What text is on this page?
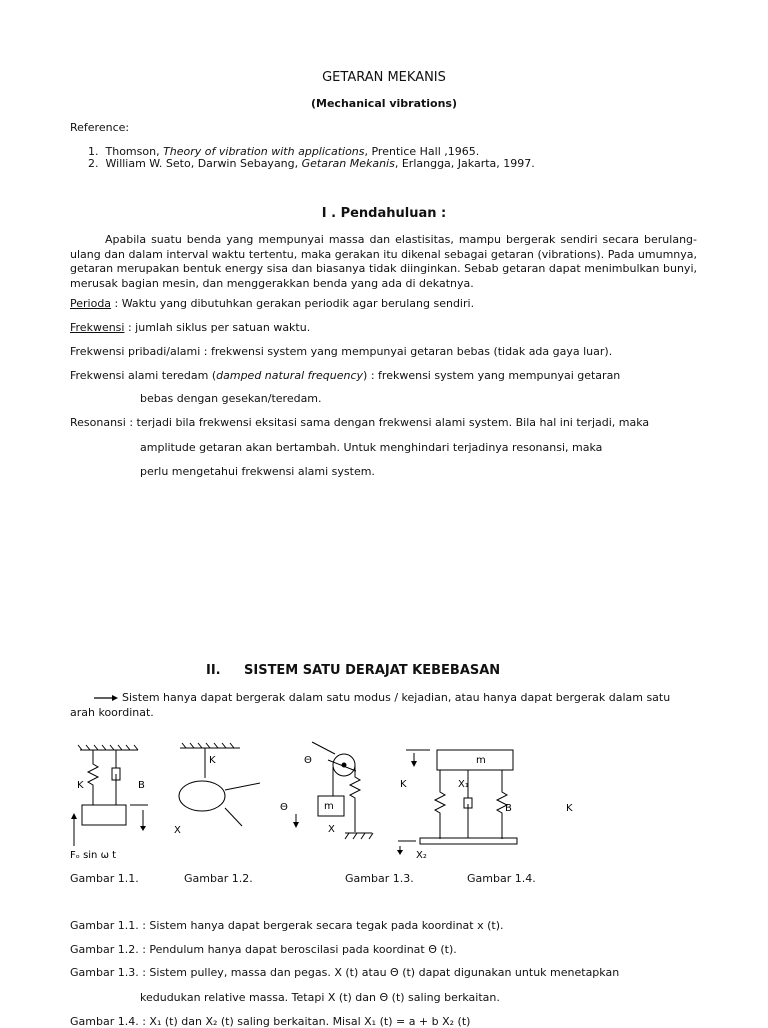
GETARAN MEKANIS
(Mechanical vibrations)
Reference:
1. Thomson, Theory of vibration with applications, Prentice Hall ,1965.
2. William W. Seto, Darwin Sebayang, Getaran Mekanis, Erlangga, Jakarta, 1997.
I . Pendahuluan :
Apabila suatu benda yang mempunyai massa dan elastisitas, mampu bergerak sendiri secara berulang-ulang dan dalam interval waktu tertentu, maka gerakan itu dikenal sebagai getaran (vibrations). Pada umumnya, getaran merupakan bentuk energy sisa dan biasanya tidak diinginkan. Sebab getaran dapat menimbulkan bunyi, merusak bagian mesin, dan menggerakkan benda yang ada di dekatnya.
Perioda : Waktu yang dibutuhkan gerakan periodik agar berulang sendiri.
Frekwensi : jumlah siklus per satuan waktu.
Frekwensi pribadi/alami : frekwensi system yang mempunyai getaran bebas (tidak ada gaya luar).
Frekwensi alami teredam (damped natural frequency) : frekwensi system yang mempunyai getaran
bebas dengan gesekan/teredam.
Resonansi : terjadi bila frekwensi eksitasi sama dengan frekwensi alami system. Bila hal ini terjadi, maka
amplitude getaran akan bertambah. Untuk menghindari terjadinya resonansi, maka
perlu mengetahui frekwensi alami system.
II. SISTEM SATU DERAJAT KEBEBASAN
Sistem hanya dapat bergerak dalam satu modus / kejadian, atau hanya dapat bergerak dalam satu arah koordinat.
K	B
Fₒ sin ω t
K
X
Θ
Θ	m
X
m
K	X₁
B	K
X₂
Gambar 1.1.	Gambar 1.2.	Gambar 1.3.	Gambar 1.4.
Gambar 1.1. : Sistem hanya dapat bergerak secara tegak pada koordinat x (t).
Gambar 1.2. : Pendulum hanya dapat beroscilasi pada koordinat Θ (t).
Gambar 1.3. : Sistem pulley, massa dan pegas. X (t) atau Θ (t) dapat digunakan untuk menetapkan
kedudukan relative massa. Tetapi X (t) dan Θ (t) saling berkaitan.
Gambar 1.4. : X₁ (t) dan X₂ (t) saling berkaitan. Misal X₁ (t) = a + b X₂ (t)
